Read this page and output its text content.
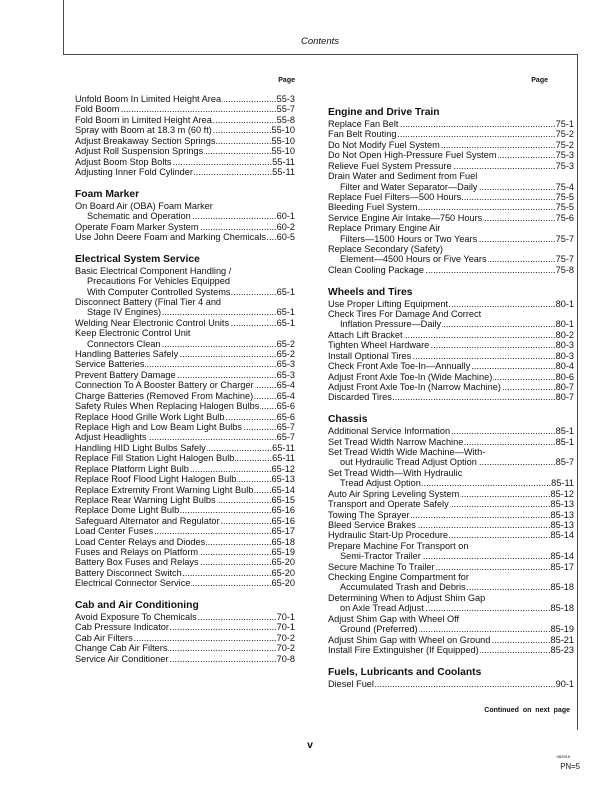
Contents
Page	Page
Unfold Boom In Limited Height Area .....	55-3
Fold Boom .....	55-7
Fold Boom in Limited Height Area .....	55-8
Spray with Boom at 18.3 m (60 ft) .....	55-10
Adjust Breakaway Section Springs .....	55-10
Adjust Roll Suspension Springs .....	55-10
Adjust Boom Stop Bolts .....	55-11
Adjusting Inner Fold Cylinder .....	55-11
Foam Marker
On Board Air (OBA) Foam Marker
Schematic and Operation .....	60-1
Operate Foam Marker System .....	60-2
Use John Deere Foam and Marking Chemicals ..... 60-5
Electrical System Service
Basic Electrical Component Handling /
Precautions For Vehicles Equipped
With Computer Controlled Systems .....	65-1
Disconnect Battery (Final Tier 4 and
Stage IV Engines) .....	65-1
Welding Near Electronic Control Units .....	65-1
Keep Electronic Control Unit
Connectors Clean .....	65-2
Handling Batteries Safely .....	65-2
Service Batteries .....	65-3
Prevent Battery Damage .....	65-3
Connection To A Booster Battery or Charger .....	65-4
Charge Batteries (Removed From Machine) .....	65-4
Safety Rules When Replacing Halogen Bulbs ..... 65-6
Replace Hood Grille Work Light Bulb .....	65-6
Replace High and Low Beam Light Bulbs .....	65-7
Adjust Headlights .....	65-7
Handling HID Light Bulbs Safely .....	65-11
Replace Fill Station Light Halogen Bulb .....	65-11
Replace Platform Light Bulb .....	65-12
Replace Roof Flood Light Halogen Bulb .....	65-13
Replace Extremity Front Warning Light Bulb ..... 65-14
Replace Rear Warning Light Bulbs .....	65-15
Replace Dome Light Bulb .....	65-16
Safeguard Alternator and Regulator .....	65-16
Load Center Fuses .....	65-17
Load Center Relays and Diodes .....	65-18
Fuses and Relays on Platform .....	65-19
Battery Box Fuses and Relays .....	65-20
Battery Disconnect Switch .....	65-20
Electrical Connector Service .....	65-20
Cab and Air Conditioning
Avoid Exposure To Chemicals .....	70-1
Cab Pressure Indicator .....	70-1
Cab Air Filters .....	70-2
Change Cab Air Filters .....	70-2
Service Air Conditioner .....	70-8
Engine and Drive Train
Replace Fan Belt .....	75-1
Fan Belt Routing .....	75-2
Do Not Modify Fuel System .....	75-2
Do Not Open High-Pressure Fuel System .....	75-3
Relieve Fuel System Pressure .....	75-3
Drain Water and Sediment from Fuel
Filter and Water Separator—Daily .....	75-4
Replace Fuel Filters—500 Hours .....	75-5
Bleeding Fuel System .....	75-5
Service Engine Air Intake—750 Hours .....	75-6
Replace Primary Engine Air
Filters—1500 Hours or Two Years .....	75-7
Replace Secondary (Safety)
Element—4500 Hours or Five Years .....	75-7
Clean Cooling Package .....	75-8
Wheels and Tires
Use Proper Lifting Equipment .....	80-1
Check Tires For Damage And Correct
Inflation Pressure—Daily .....	80-1
Attach Lift Bracket .....	80-2
Tighten Wheel Hardware .....	80-3
Install Optional Tires .....	80-3
Check Front Axle Toe-In—Annually .....	80-4
Adjust Front Axle Toe-In (Wide Machine) .....	80-6
Adjust Front Axle Toe-In (Narrow Machine) .....	80-7
Discarded Tires .....	80-7
Chassis
Additional Service Information .....	85-1
Set Tread Width Narrow Machine .....	85-1
Set Tread Width Wide Machine—With-
out Hydraulic Tread Adjust Option .....	85-7
Set Tread Width—With Hydraulic
Tread Adjust Option .....	85-11
Auto Air Spring Leveling System .....	85-12
Transport and Operate Safely .....	85-13
Towing The Sprayer .....	85-13
Bleed Service Brakes .....	85-13
Hydraulic Start-Up Procedure .....	85-14
Prepare Machine For Transport on
Semi-Tractor Trailer .....	85-14
Secure Machine To Trailer .....	85-17
Checking Engine Compartment for
Accumulated Trash and Debris .....	85-18
Determining When to Adjust Shim Gap
on Axle Tread Adjust .....	85-18
Adjust Shim Gap with Wheel Off
Ground (Preferred) .....	85-19
Adjust Shim Gap with Wheel on Ground .....	85-21
Install Fire Extinguisher (If Equipped) .....	85-23
Fuels, Lubricants and Coolants
Diesel Fuel .....	90-1
Continued on next page
v
082915
PN=5
